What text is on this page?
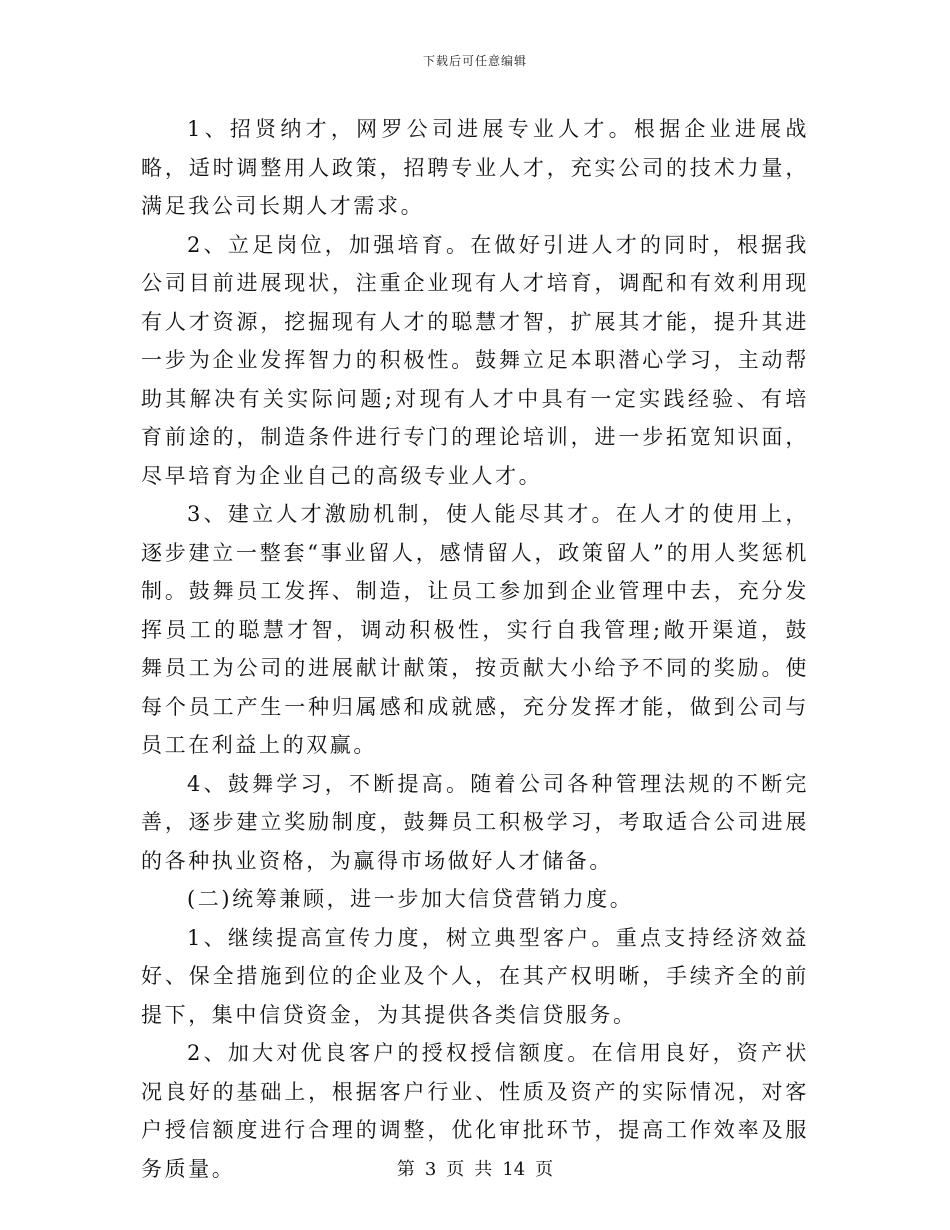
下载后可任意编辑

1、招贤纳才，网罗公司进展专业人才。根据企业进展战略，适时调整用人政策，招聘专业人才，充实公司的技术力量，满足我公司长期人才需求。

2、立足岗位，加强培育。在做好引进人才的同时，根据我公司目前进展现状，注重企业现有人才培育，调配和有效利用现有人才资源，挖掘现有人才的聪慧才智，扩展其才能，提升其进一步为企业发挥智力的积极性。鼓舞立足本职潜心学习，主动帮助其解决有关实际问题;对现有人才中具有一定实践经验、有培育前途的，制造条件进行专门的理论培训，进一步拓宽知识面，尽早培育为企业自己的高级专业人才。

3、建立人才激励机制，使人能尽其才。在人才的使用上，逐步建立一整套“事业留人，感情留人，政策留人”的用人奖惩机制。鼓舞员工发挥、制造，让员工参加到企业管理中去，充分发挥员工的聪慧才智，调动积极性，实行自我管理;敞开渠道，鼓舞员工为公司的进展献计献策，按贡献大小给予不同的奖励。使每个员工产生一种归属感和成就感，充分发挥才能，做到公司与员工在利益上的双赢。

4、鼓舞学习，不断提高。随着公司各种管理法规的不断完善，逐步建立奖励制度，鼓舞员工积极学习，考取适合公司进展的各种执业资格，为赢得市场做好人才储备。

(二)统筹兼顾，进一步加大信贷营销力度。

1、继续提高宣传力度，树立典型客户。重点支持经济效益好、保全措施到位的企业及个人，在其产权明晰，手续齐全的前提下，集中信贷资金，为其提供各类信贷服务。

2、加大对优良客户的授权授信额度。在信用良好，资产状况良好的基础上，根据客户行业、性质及资产的实际情况，对客户授信额度进行合理的调整，优化审批环节，提高工作效率及服务质量。	第 3 页 共 14 页
